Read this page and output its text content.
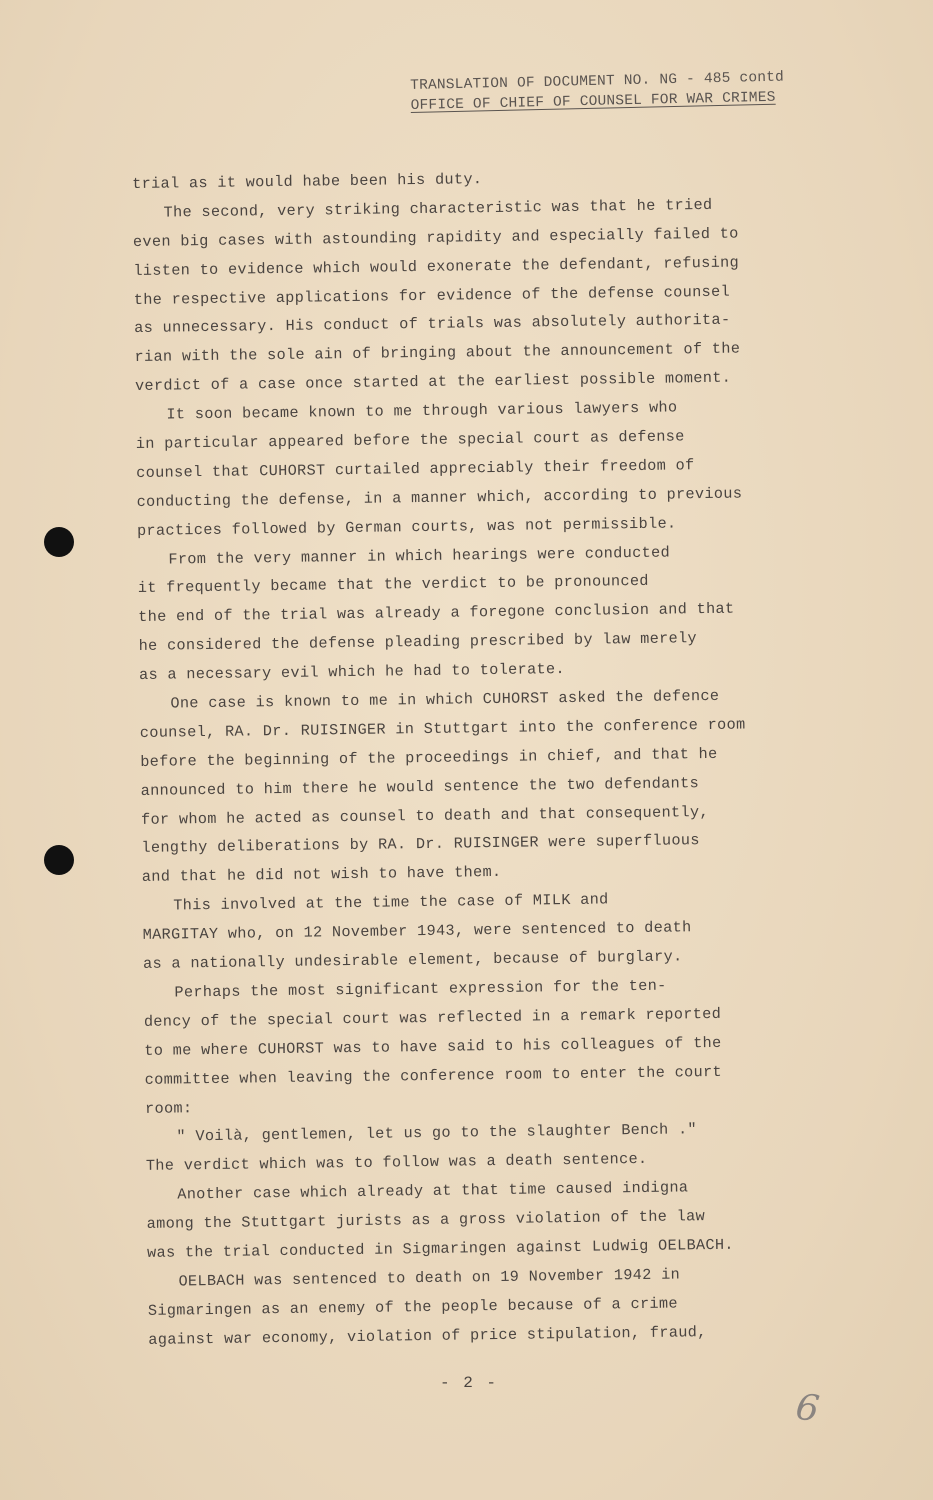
TRANSLATION OF DOCUMENT NO. NG - 485 contd
OFFICE OF CHIEF OF COUNSEL FOR WAR CRIMES
trial as it would habe been his duty.
The second, very striking characteristic was that he tried
even big cases with astounding rapidity and especially failed to
listen to evidence which would exonerate the defendant, refusing
the respective applications for evidence of the defense counsel
as unnecessary. His conduct of trials was absolutely authorita-
rian with the sole ain of bringing about the announcement of the
verdict of a case once started at the earliest possible moment.
It soon became known to me through various lawyers who
in particular appeared before the special court as defense
counsel that CUHORST curtailed appreciably their freedom of
conducting the defense, in a manner which, according to previous
practices followed by German courts, was not permissible.
From the very manner in which hearings were conducted
it frequently became that the verdict to be pronounced
the end of the trial was already a foregone conclusion and that
he considered the defense pleading prescribed by law merely
as a necessary evil which he had to tolerate.
One case is known to me in which CUHORST asked the defence
counsel, RA. Dr. RUISINGER in Stuttgart into the conference room
before the beginning of the proceedings in chief, and that he
announced to him there he would sentence the two defendants
for whom he acted as counsel to death and that consequently,
lengthy deliberations by RA. Dr. RUISINGER were superfluous
and that he did not wish to have them.
This involved at the time the case of MILK and
MARGITAY who, on 12 November 1943, were sentenced to death
as a nationally undesirable element, because of burglary.
Perhaps the most significant expression for the ten-
dency of the special court was reflected in a remark reported
to me where CUHORST was to have said to his colleagues of the
committee when leaving the conference room to enter the court
room:
" Voilà, gentlemen, let us go to the slaughter Bench ."
The verdict which was to follow was a death sentence.
Another case which already at that time caused indigna
among the Stuttgart jurists as a gross violation of the law
was the trial conducted in Sigmaringen against Ludwig OELBACH.
OELBACH was sentenced to death on 19 November 1942 in
Sigmaringen as an enemy of the people because of a crime
against war economy, violation of price stipulation, fraud,
- 2 -
6
